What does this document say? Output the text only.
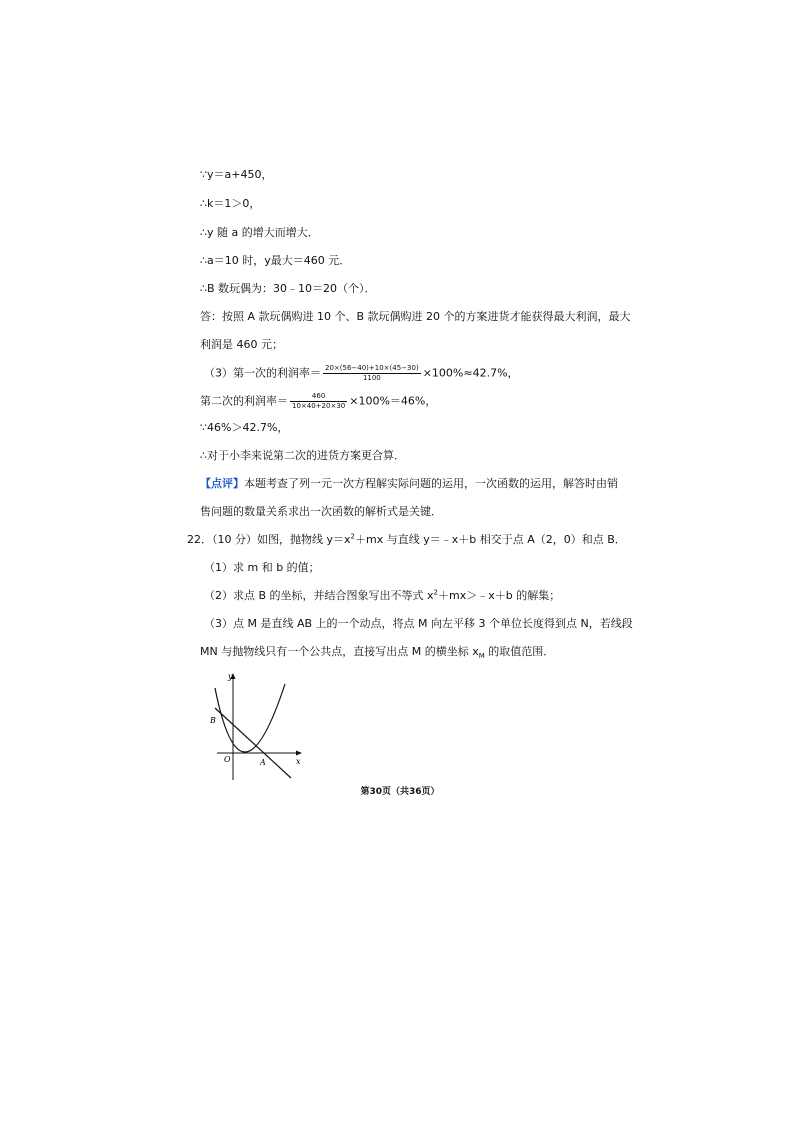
∵y＝a+450，
∴k＝1＞0，
∴y 随 a 的增大而增大．
∴a＝10 时，y最大＝460 元．
∴B 数玩偶为：30﹣10＝20（个）．
答：按照 A 款玩偶购进 10 个、B 款玩偶购进 20 个的方案进货才能获得最大利润，最大
利润是 460 元；
（3）第一次的利润率＝ $\frac{20\times(56-40)+10\times(45-30)}{1100} \times 100\%\approx 42.7\%$，
第二次的利润率＝ $\frac{460}{10\times 40+20\times 30} \times 100\%=46\%$，
∵46%＞42.7%，
∴对于小李来说第二次的进货方案更合算．
【点评】本题考查了列一元一次方程解实际问题的运用，一次函数的运用，解答时由销
售问题的数量关系求出一次函数的解析式是关键．
22．（10 分）如图，抛物线 $y=x^2+mx$ 与直线 y＝﹣x＋b 相交于点 A（2，0）和点 B．
（1）求 m 和 b 的值；
（2）求点 B 的坐标，并结合图象写出不等式 $x^2+mx>﹣x+b$ 的解集；
（3）点 M 是直线 AB 上的一个动点，将点 M 向左平移 3 个单位长度得到点 N，若线段
MN 与抛物线只有一个公共点，直接写出点 M 的横坐标 $x_M$ 的取值范围．
y
x
O	A
B
第30页（共36页）
